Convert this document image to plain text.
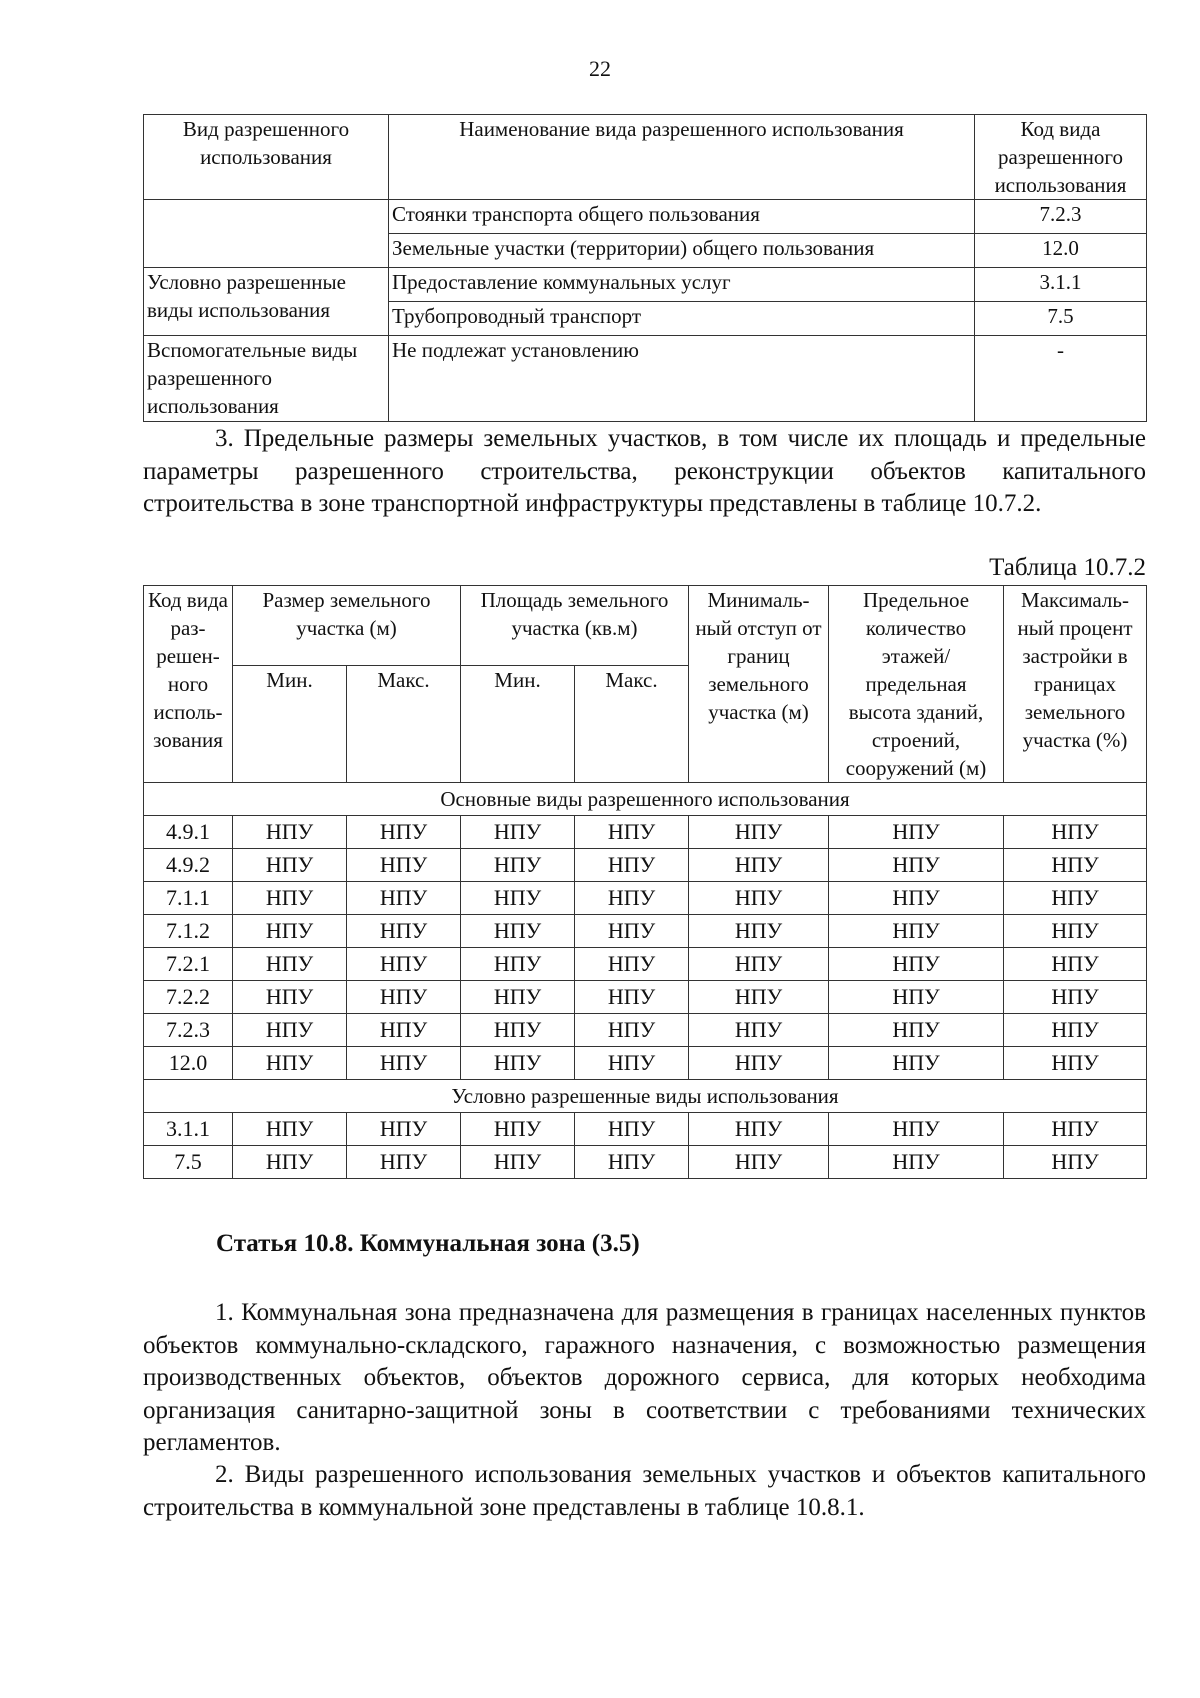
22
Вид разрешенного использования	Наименование вида разрешенного использования	Код вида разрешенного использования
	Стоянки транспорта общего пользования	7.2.3
	Земельные участки (территории) общего пользования	12.0
Условно разрешенные виды использования	Предоставление коммунальных услуг	3.1.1
	Трубопроводный транспорт	7.5
Вспомогательные виды разрешенного использования	Не подлежат установлению	-
3. Предельные размеры земельных участков, в том числе их площадь и предельные параметры разрешенного строительства, реконструкции объектов капитального строительства в зоне транспортной инфраструктуры представлены в таблице 10.7.2.
Таблица 10.7.2
Код вида раз-решен-ного исполь-зования	Размер земельного участка (м)		Площадь земельного участка (кв.м)		Минималь-ный отступ от границ земельного участка (м)	Предельное количество этажей/ предельная высота зданий, строений, сооружений (м)	Максималь-ный процент застройки в границах земельного участка (%)
	Мин.	Макс.	Мин.	Макс.			
Основные виды разрешенного использования							
4.9.1	НПУ	НПУ	НПУ	НПУ	НПУ	НПУ	НПУ
4.9.2	НПУ	НПУ	НПУ	НПУ	НПУ	НПУ	НПУ
7.1.1	НПУ	НПУ	НПУ	НПУ	НПУ	НПУ	НПУ
7.1.2	НПУ	НПУ	НПУ	НПУ	НПУ	НПУ	НПУ
7.2.1	НПУ	НПУ	НПУ	НПУ	НПУ	НПУ	НПУ
7.2.2	НПУ	НПУ	НПУ	НПУ	НПУ	НПУ	НПУ
7.2.3	НПУ	НПУ	НПУ	НПУ	НПУ	НПУ	НПУ
12.0	НПУ	НПУ	НПУ	НПУ	НПУ	НПУ	НПУ
Условно разрешенные виды использования							
3.1.1	НПУ	НПУ	НПУ	НПУ	НПУ	НПУ	НПУ
7.5	НПУ	НПУ	НПУ	НПУ	НПУ	НПУ	НПУ
Статья 10.8. Коммунальная зона (3.5)
1. Коммунальная зона предназначена для размещения в границах населенных пунктов объектов коммунально-складского, гаражного назначения, с возможностью размещения производственных объектов, объектов дорожного сервиса, для которых необходима организация санитарно-защитной зоны в соответствии с требованиями технических регламентов.
2. Виды разрешенного использования земельных участков и объектов капитального строительства в коммунальной зоне представлены в таблице 10.8.1.
